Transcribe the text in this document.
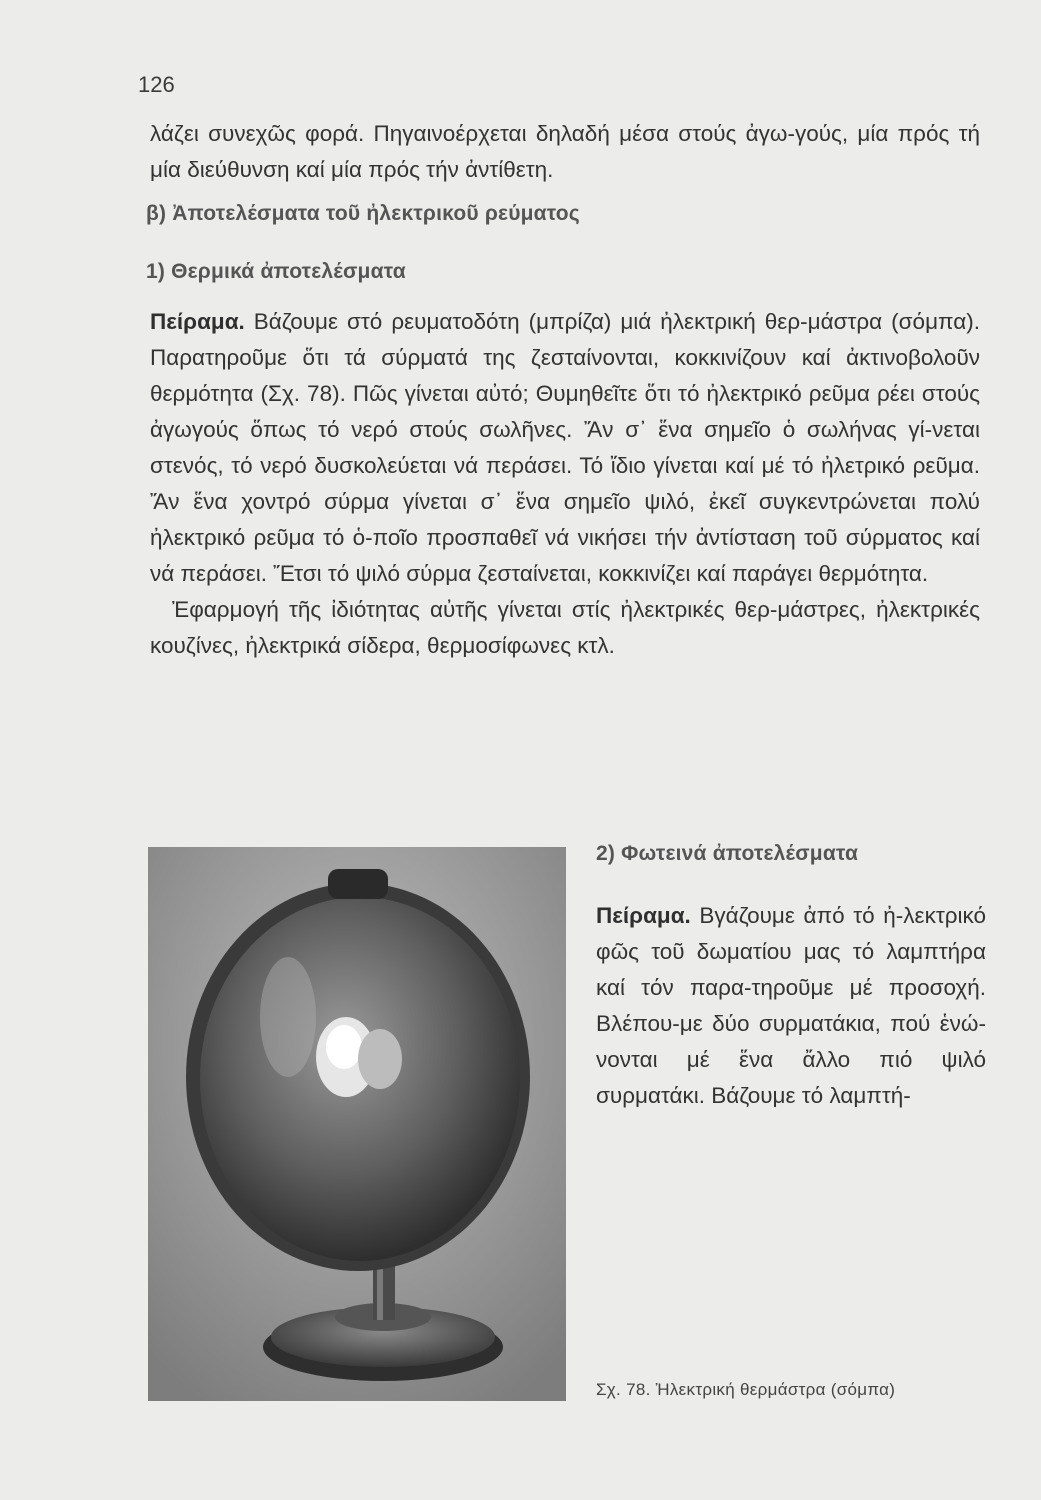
126

λάζει συνεχῶς φορά. Πηγαινοέρχεται δηλαδή μέσα στούς ἀγω-γούς, μία πρός τή μία διεύθυνση καί μία πρός τήν ἀντίθετη.

β) Ἀποτελέσματα τοῦ ἠλεκτρικοῦ ρεύματος
1) Θερμικά ἀποτελέσματα

Πείραμα. Βάζουμε στό ρευματοδότη (μπρίζα) μιά ἠλεκτρική θερ-μάστρα (σόμπα). Παρατηροῦμε ὅτι τά σύρματά της ζεσταίνονται, κοκκινίζουν καί ἀκτινοβολοῦν θερμότητα (Σχ. 78). Πῶς γίνεται αὐτό; Θυμηθεῖτε ὅτι τό ἠλεκτρικό ρεῦμα ρέει στούς ἀγωγούς ὅπως τό νερό στούς σωλῆνες. Ἄν σ᾽ ἕνα σημεῖο ὁ σωλήνας γί-νεται στενός, τό νερό δυσκολεύεται νά περάσει. Τό ἴδιο γίνεται καί μέ τό ἠλετρικό ρεῦμα. Ἄν ἕνα χοντρό σύρμα γίνεται σ᾽ ἕνα σημεῖο ψιλό, ἐκεῖ συγκεντρώνεται πολύ ἠλεκτρικό ρεῦμα τό ὁ-ποῖο προσπαθεῖ νά νικήσει τήν ἀντίσταση τοῦ σύρματος καί νά περάσει. Ἔτσι τό ψιλό σύρμα ζεσταίνεται, κοκκινίζει καί παράγει θερμότητα.

Ἐφαρμογή τῆς ἰδιότητας αὐτῆς γίνεται στίς ἠλεκτρικές θερ-μάστρες, ἠλεκτρικές κουζίνες, ἠλεκτρικά σίδερα, θερμοσίφωνες κτλ.

2) Φωτεινά ἀποτελέσματα

Πείραμα. Βγάζουμε ἀπό τό ἠ-λεκτρικό φῶς τοῦ δωματίου μας τό λαμπτήρα καί τόν παρα-τηροῦμε μέ προσοχή. Βλέπου-με δύο συρματάκια, πού ἑνώ-νονται μέ ἕνα ἄλλο πιό ψιλό συρματάκι. Βάζουμε τό λαμπτή-

Σχ. 78. Ἠλεκτρική θερμάστρα (σόμπα)
